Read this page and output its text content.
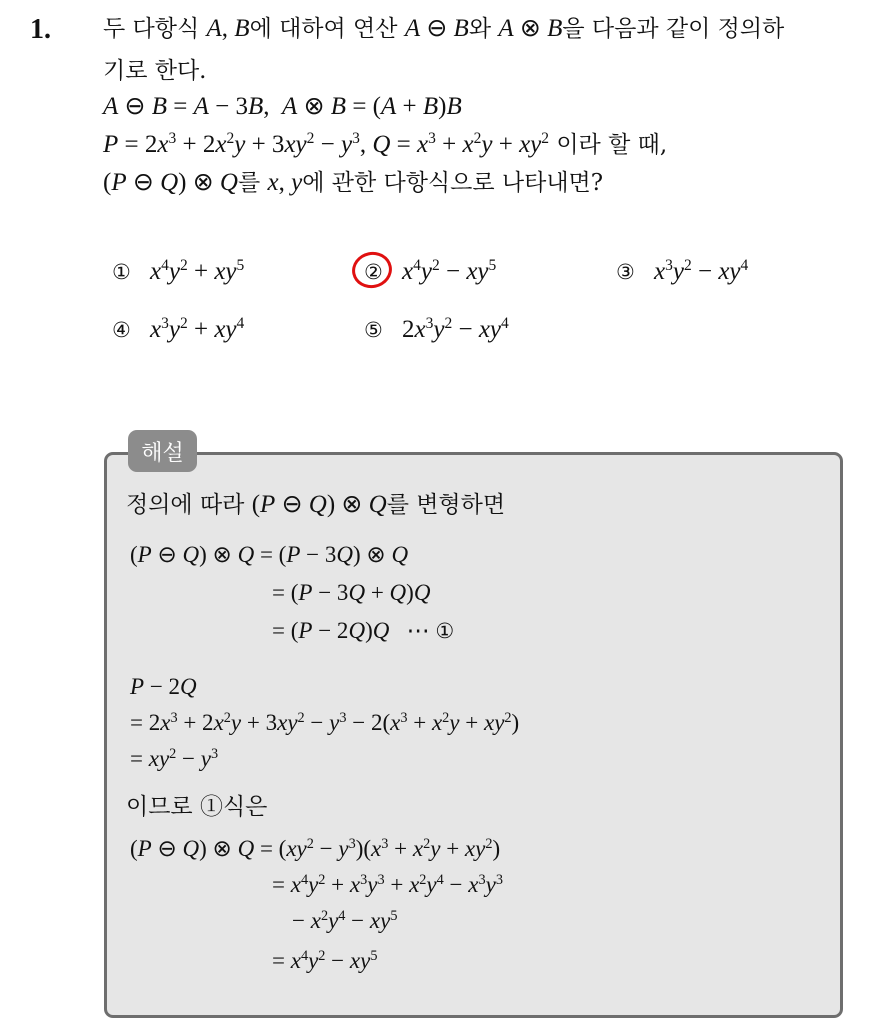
1. 두 다항식 A, B에 대하여 연산 A ⊖ B와 A ⊗ B을 다음과 같이 정의하
기로 한다.
A ⊖ B = A − 3B,  A ⊗ B = (A + B)B
$P = 2x^3 + 2x^2y + 3xy^2 - y^3$, $Q = x^3 + x^2y + xy^2$ 이라 할 때,
(P ⊖ Q) ⊗ Q를 x, y에 관한 다항식으로 나타내면?
① $x^4y^2 + xy^5$	② $x^4y^2 - xy^5$	③ $x^3y^2 - xy^4$
④ $x^3y^2 + xy^4$	⑤ $2x^3y^2 - xy^4$
해설
정의에 따라 (P ⊖ Q) ⊗ Q를 변형하면
(P ⊖ Q) ⊗ Q = (P − 3Q) ⊗ Q
= (P − 3Q + Q)Q
= (P − 2Q)Q   ⋯ ①
P − 2Q
= $2x^3 + 2x^2y + 3xy^2 - y^3 - 2(x^3 + x^2y + xy^2)$
= $xy^2 - y^3$
이므로 ①식은
(P ⊖ Q) ⊗ $Q = (xy^2 - y^3)(x^3 + x^2y + xy^2)$
= $x^4y^2 + x^3y^3 + x^2y^4 - x^3y^3$
− $x^2y^4 - xy^5$
= $x^4y^2 - xy^5$
